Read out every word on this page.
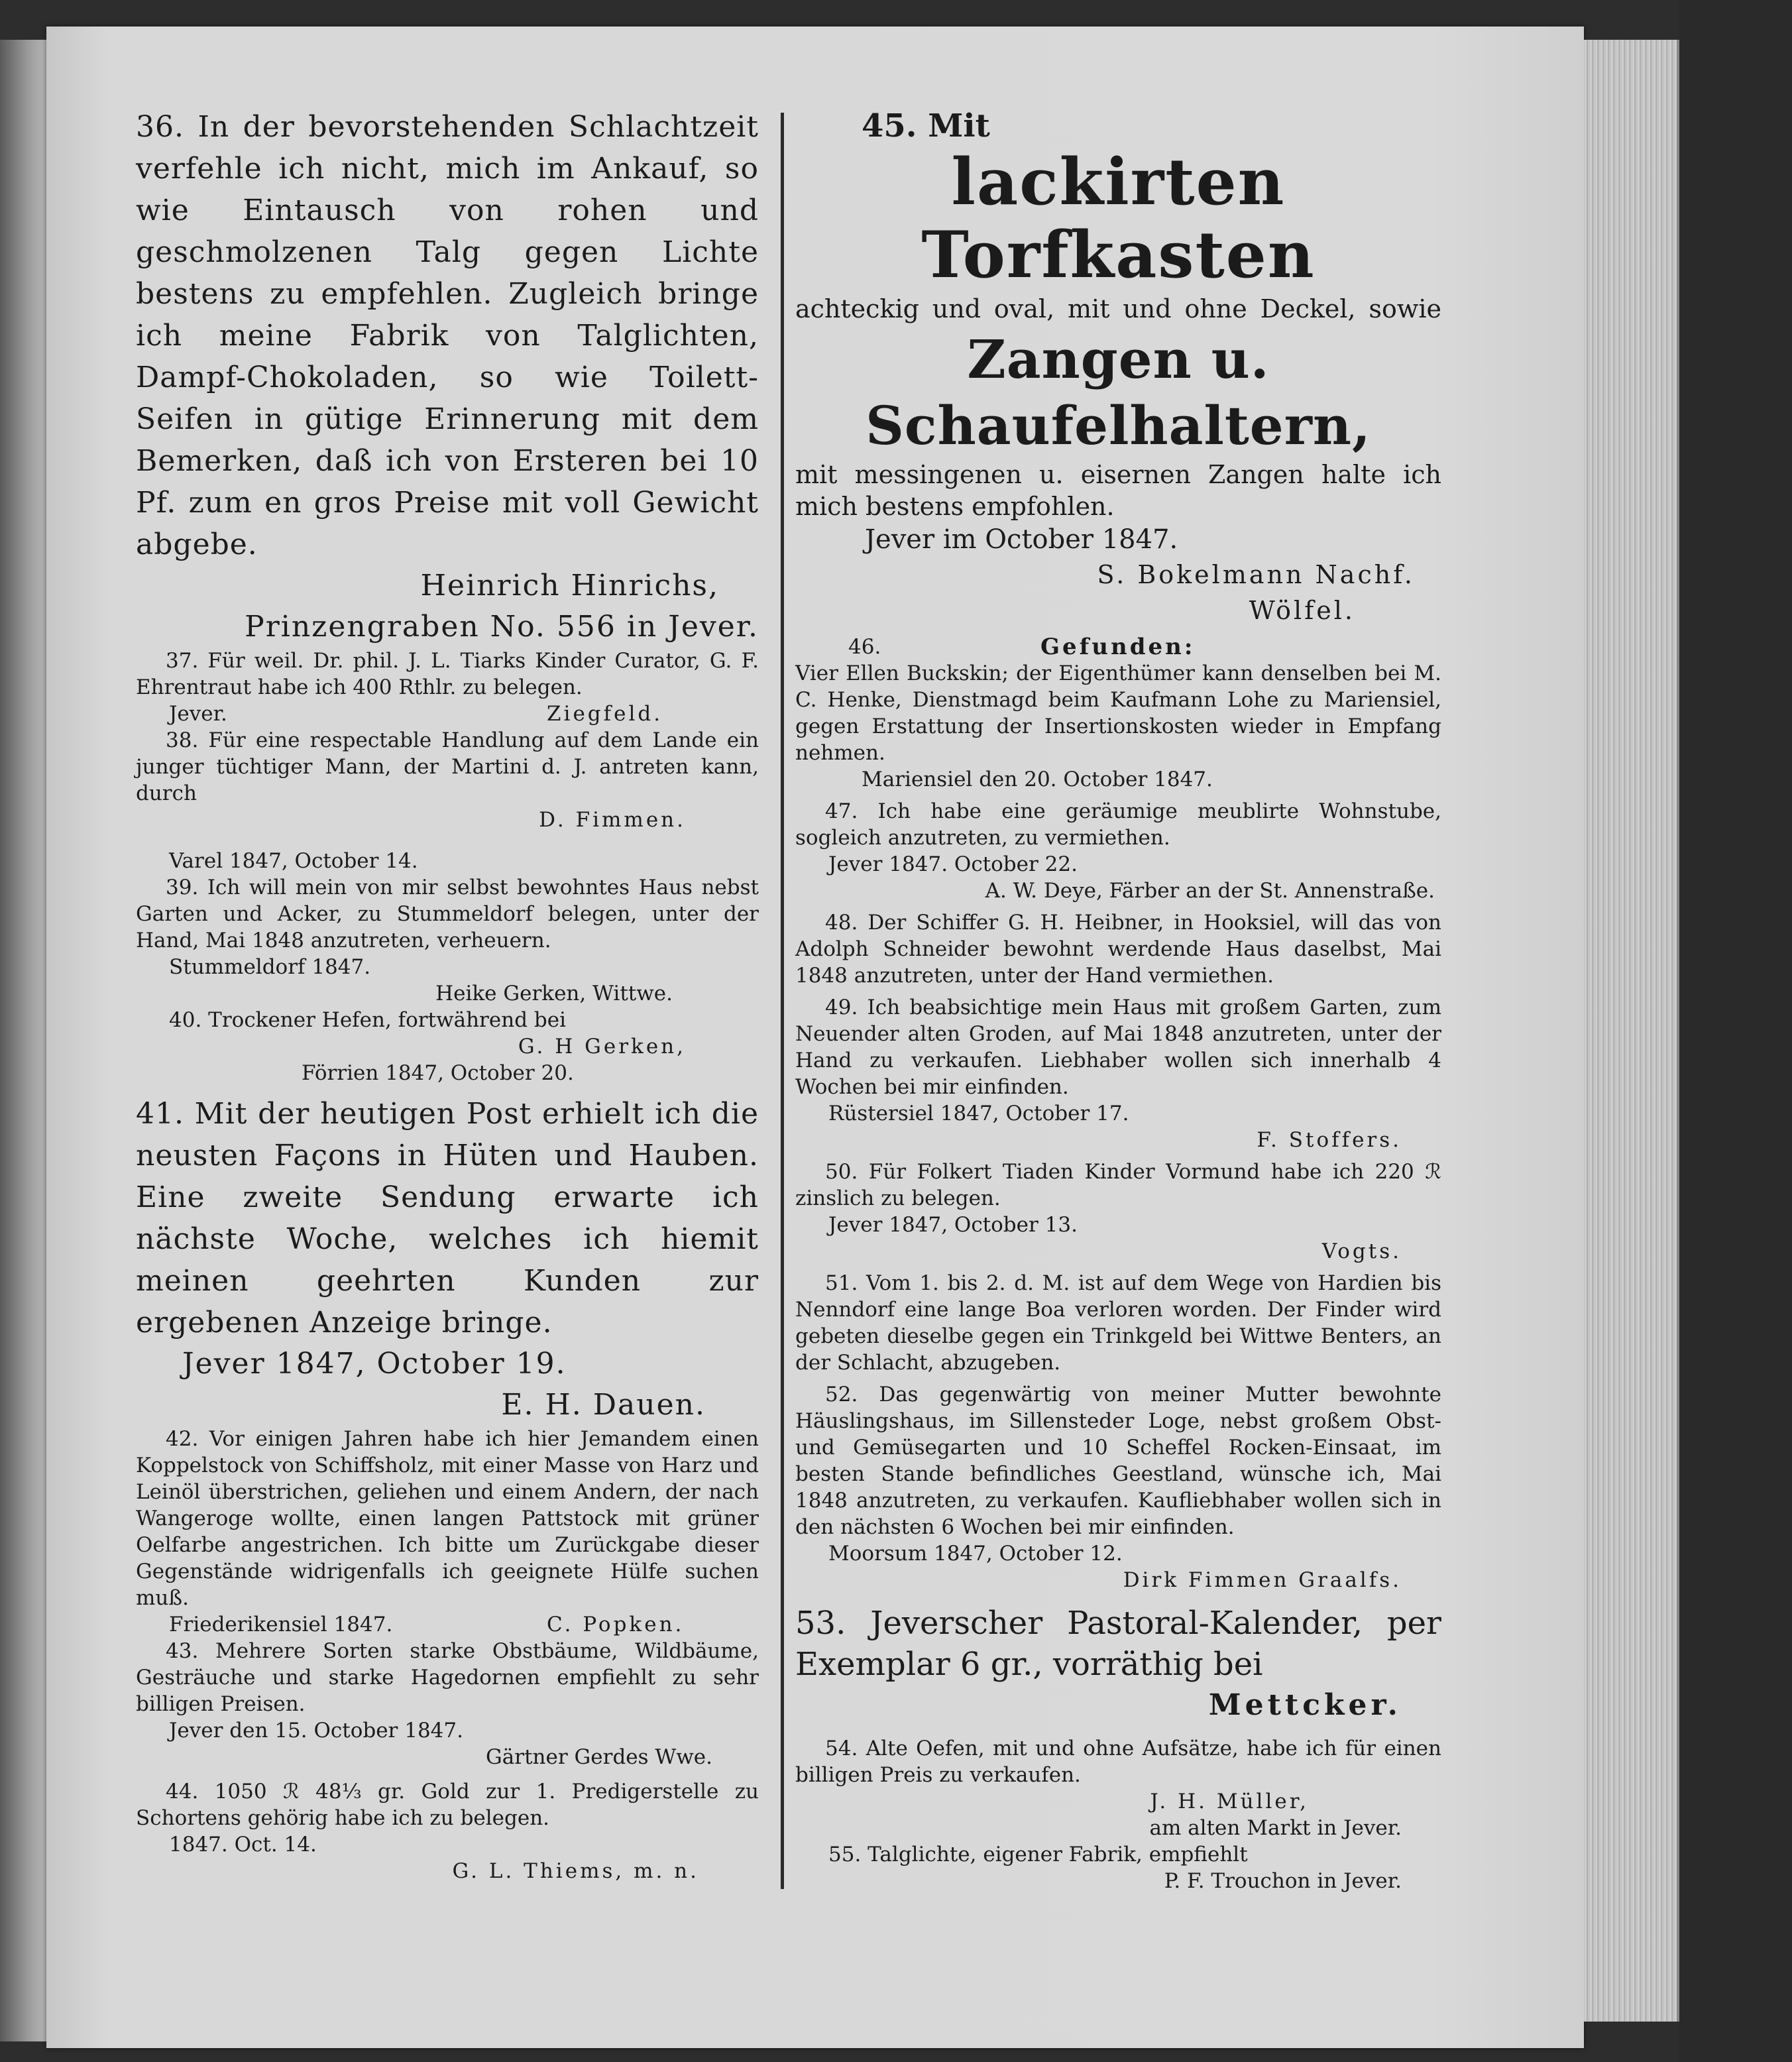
36. In der bevorstehenden Schlachtzeit verfehle ich nicht, mich im Ankauf, so wie Eintausch von rohen und geschmolzenen Talg gegen Lichte bestens zu empfehlen. Zugleich bringe ich meine Fabrik von Talglichten, Dampf-Chokoladen, so wie Toilett-Seifen in gütige Erinnerung mit dem Bemerken, daß ich von Ersteren bei 10 Pf. zum en gros Preise mit voll Gewicht abgebe.

Heinrich Hinrichs,

Prinzengraben No. 556 in Jever.

37. Für weil. Dr. phil. J. L. Tiarks Kinder Curator, G. F. Ehrentraut habe ich 400 Rthlr. zu belegen.

Jever.	Ziegfeld.

38. Für eine respectable Handlung auf dem Lande ein junger tüchtiger Mann, der Martini d. J. antreten kann, durch

D. Fimmen.

Varel 1847, October 14.

39. Ich will mein von mir selbst bewohntes Haus nebst Garten und Acker, zu Stummeldorf belegen, unter der Hand, Mai 1848 anzutreten, verheuern.

Stummeldorf 1847.

Heike Gerken, Wittwe.

40. Trockener Hefen, fortwährend bei

G. H Gerken,

Förrien 1847, October 20.

41. Mit der heutigen Post erhielt ich die neusten Façons in Hüten und Hauben. Eine zweite Sendung erwarte ich nächste Woche, welches ich hiemit meinen geehrten Kunden zur ergebenen Anzeige bringe.

Jever 1847, October 19.

E. H. Dauen.

42. Vor einigen Jahren habe ich hier Jemandem einen Koppelstock von Schiffsholz, mit einer Masse von Harz und Leinöl überstrichen, geliehen und einem Andern, der nach Wangeroge wollte, einen langen Pattstock mit grüner Oelfarbe angestrichen. Ich bitte um Zurückgabe dieser Gegenstände widrigenfalls ich geeignete Hülfe suchen muß.

Friederikensiel 1847.	C. Popken.

43. Mehrere Sorten starke Obstbäume, Wildbäume, Gesträuche und starke Hagedornen empfiehlt zu sehr billigen Preisen.

Jever den 15. October 1847.

Gärtner Gerdes Wwe.

44. 1050 ℛ 48⅓ gr. Gold zur 1. Predigerstelle zu Schortens gehörig habe ich zu belegen.

1847. Oct. 14.

G. L. Thiems, m. n.

45. Mit

lackirten Torfkasten

achteckig und oval, mit und ohne Deckel, sowie

Zangen u. Schaufelhaltern,

mit messingenen u. eisernen Zangen halte ich mich bestens empfohlen.

Jever im October 1847.

S. Bokelmann Nachf.

Wölfel.

46.	Gefunden:

Vier Ellen Buckskin; der Eigenthümer kann denselben bei M. C. Henke, Dienstmagd beim Kaufmann Lohe zu Mariensiel, gegen Erstattung der Insertionskosten wieder in Empfang nehmen.

Mariensiel den 20. October 1847.

47. Ich habe eine geräumige meublirte Wohnstube, sogleich anzutreten, zu vermiethen.

Jever 1847. October 22.

A. W. Deye, Färber an der St. Annenstraße.

48. Der Schiffer G. H. Heibner, in Hooksiel, will das von Adolph Schneider bewohnt werdende Haus daselbst, Mai 1848 anzutreten, unter der Hand vermiethen.

49. Ich beabsichtige mein Haus mit großem Garten, zum Neuender alten Groden, auf Mai 1848 anzutreten, unter der Hand zu verkaufen. Liebhaber wollen sich innerhalb 4 Wochen bei mir einfinden.

Rüstersiel 1847, October 17.

F. Stoffers.

50. Für Folkert Tiaden Kinder Vormund habe ich 220 ℛ zinslich zu belegen.

Jever 1847, October 13.

Vogts.

51. Vom 1. bis 2. d. M. ist auf dem Wege von Hardien bis Nenndorf eine lange Boa verloren worden. Der Finder wird gebeten dieselbe gegen ein Trinkgeld bei Wittwe Benters, an der Schlacht, abzugeben.

52. Das gegenwärtig von meiner Mutter bewohnte Häuslingshaus, im Sillensteder Loge, nebst großem Obst- und Gemüsegarten und 10 Scheffel Rocken-Einsaat, im besten Stande befindliches Geestland, wünsche ich, Mai 1848 anzutreten, zu verkaufen. Kaufliebhaber wollen sich in den nächsten 6 Wochen bei mir einfinden.

Moorsum 1847, October 12.

Dirk Fimmen Graalfs.

53. Jeverscher Pastoral-Kalender, per Exemplar 6 gr., vorräthig bei

Mettcker.

54. Alte Oefen, mit und ohne Aufsätze, habe ich für einen billigen Preis zu verkaufen.

J. H. Müller,

am alten Markt in Jever.

55. Talglichte, eigener Fabrik, empfiehlt

P. F. Trouchon in Jever.
